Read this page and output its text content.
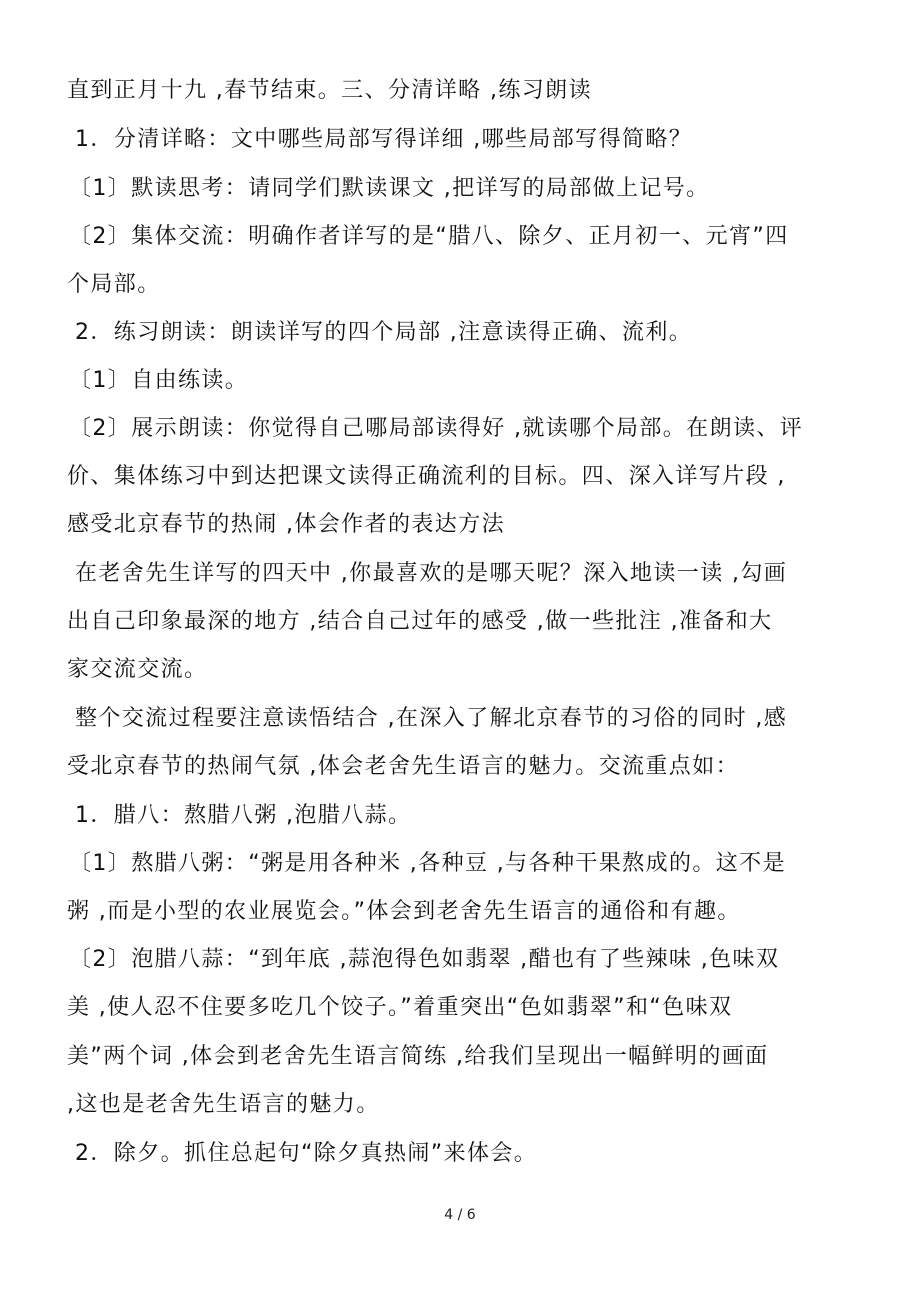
直到正月十九 ,春节结束。三、分清详略 ,练习朗读
1．分清详略：文中哪些局部写得详细 ,哪些局部写得简略？
〔1〕默读思考：请同学们默读课文 ,把详写的局部做上记号。
〔2〕集体交流：明确作者详写的是“腊八、除夕、正月初一、元宵”四
个局部。
2．练习朗读：朗读详写的四个局部 ,注意读得正确、流利。
〔1〕自由练读。
〔2〕展示朗读：你觉得自己哪局部读得好 ,就读哪个局部。在朗读、评
价、集体练习中到达把课文读得正确流利的目标。四、深入详写片段 ,
感受北京春节的热闹 ,体会作者的表达方法
在老舍先生详写的四天中 ,你最喜欢的是哪天呢？深入地读一读 ,勾画
出自己印象最深的地方 ,结合自己过年的感受 ,做一些批注 ,准备和大
家交流交流。
整个交流过程要注意读悟结合 ,在深入了解北京春节的习俗的同时 ,感
受北京春节的热闹气氛 ,体会老舍先生语言的魅力。交流重点如：
1．腊八：熬腊八粥 ,泡腊八蒜。
〔1〕熬腊八粥：“粥是用各种米 ,各种豆 ,与各种干果熬成的。这不是
粥 ,而是小型的农业展览会。”体会到老舍先生语言的通俗和有趣。
〔2〕泡腊八蒜：“到年底 ,蒜泡得色如翡翠 ,醋也有了些辣味 ,色味双
美 ,使人忍不住要多吃几个饺子。”着重突出“色如翡翠”和“色味双
美”两个词 ,体会到老舍先生语言简练 ,给我们呈现出一幅鲜明的画面
,这也是老舍先生语言的魅力。
2．除夕。抓住总起句“除夕真热闹”来体会。
4 / 6
